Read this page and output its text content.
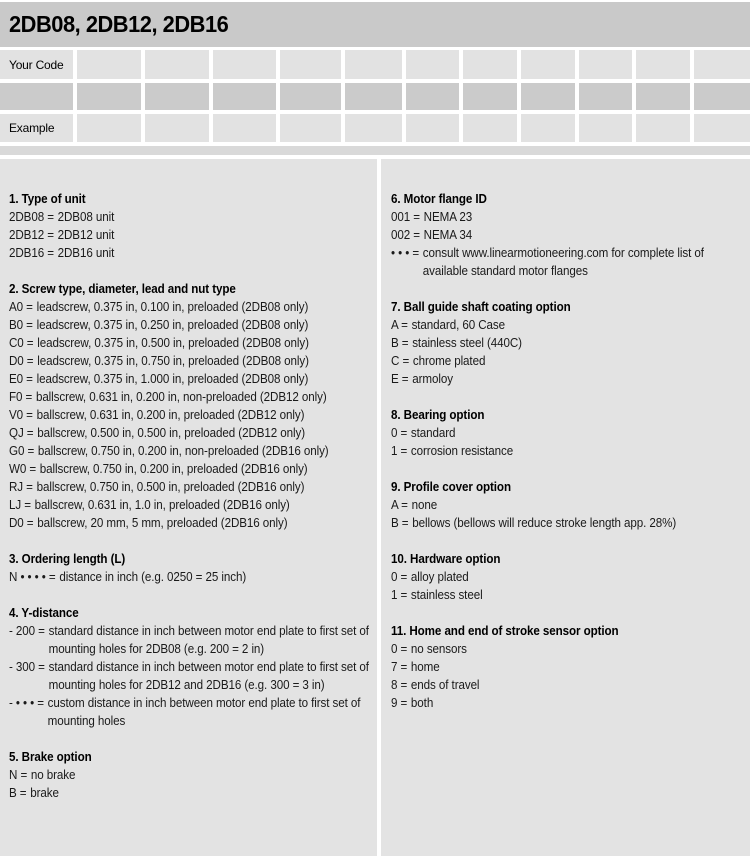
2DB08, 2DB12, 2DB16
Your Code
Example
1. Type of unit
2DB08 = 2DB08 unit
2DB12 = 2DB12 unit
2DB16 = 2DB16 unit
2. Screw type, diameter, lead and nut type
A0 = leadscrew, 0.375 in, 0.100 in, preloaded (2DB08 only)
B0 = leadscrew, 0.375 in, 0.250 in, preloaded (2DB08 only)
C0 = leadscrew, 0.375 in, 0.500 in, preloaded (2DB08 only)
D0 = leadscrew, 0.375 in, 0.750 in, preloaded (2DB08 only)
E0 = leadscrew, 0.375 in, 1.000 in, preloaded (2DB08 only)
F0 = ballscrew, 0.631 in, 0.200 in, non-preloaded (2DB12 only)
V0 = ballscrew, 0.631 in, 0.200 in, preloaded (2DB12 only)
QJ = ballscrew, 0.500 in, 0.500 in, preloaded (2DB12 only)
G0 = ballscrew, 0.750 in, 0.200 in, non-preloaded (2DB16 only)
W0 = ballscrew, 0.750 in, 0.200 in, preloaded (2DB16 only)
RJ = ballscrew, 0.750 in, 0.500 in, preloaded (2DB16 only)
LJ = ballscrew, 0.631 in, 1.0 in, preloaded (2DB16 only)
D0 = ballscrew, 20 mm, 5 mm, preloaded (2DB16 only)
3. Ordering length (L)
N • • • • = distance in inch (e.g. 0250 = 25 inch)
4. Y-distance
- 200 = standard distance in inch between motor end plate to first set of mounting holes for 2DB08 (e.g. 200 = 2 in)
- 300 = standard distance in inch between motor end plate to first set of mounting holes for 2DB12 and 2DB16 (e.g. 300 = 3 in)
- • • • = custom distance in inch between motor end plate to first set of mounting holes
5. Brake option
N = no brake
B = brake
6. Motor flange ID
001 = NEMA 23
002 = NEMA 34
• • • = consult www.linearmotioneering.com for complete list of available standard motor flanges
7. Ball guide shaft coating option
A = standard, 60 Case
B = stainless steel (440C)
C = chrome plated
E = armoloy
8. Bearing option
0 = standard
1 = corrosion resistance
9. Profile cover option
A = none
B = bellows (bellows will reduce stroke length app. 28%)
10. Hardware option
0 = alloy plated
1 = stainless steel
11. Home and end of stroke sensor option
0 = no sensors
7 = home
8 = ends of travel
9 = both
